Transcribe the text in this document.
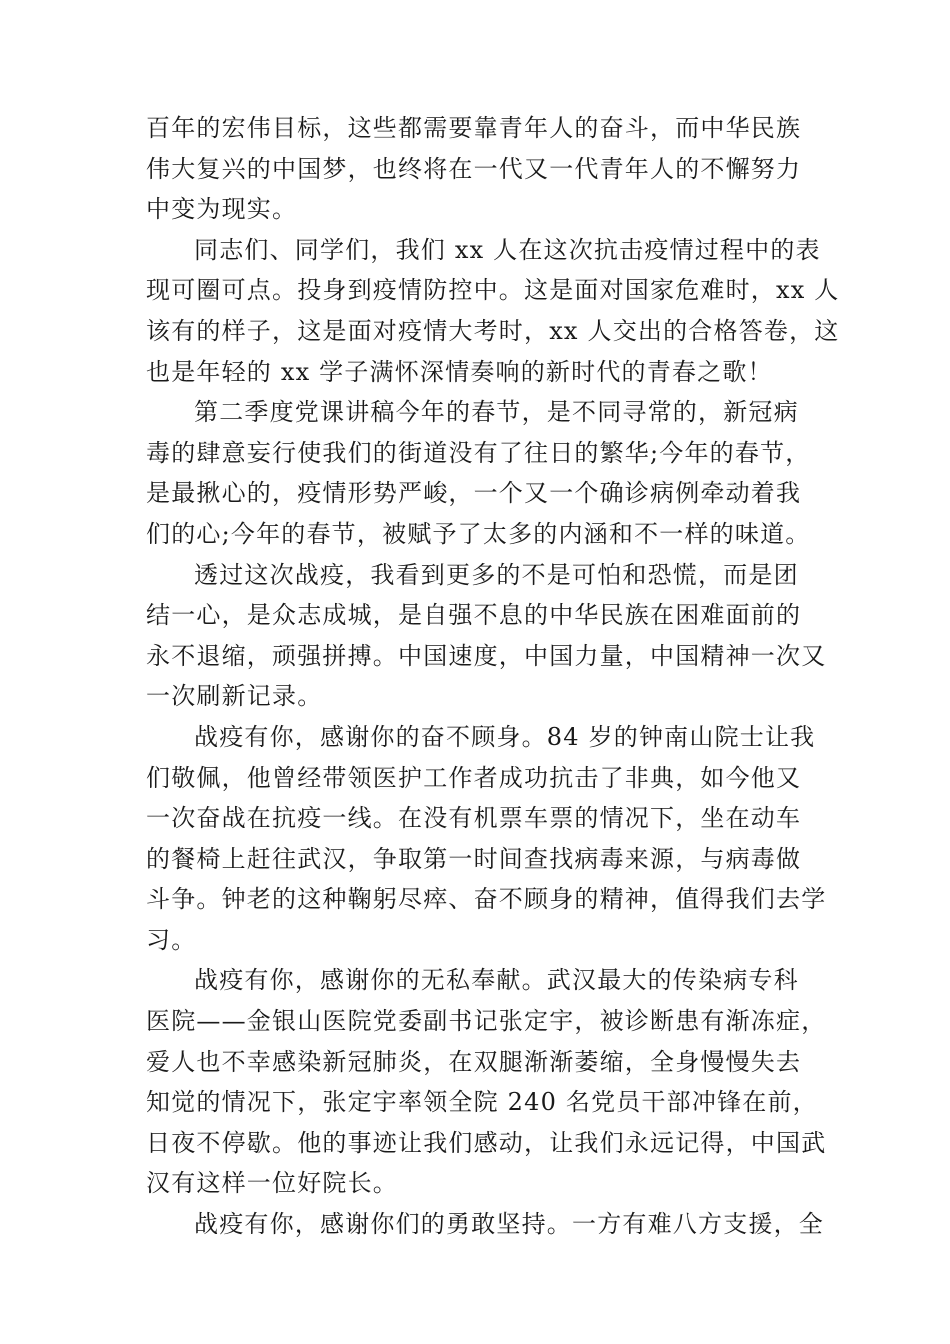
百年的宏伟目标，这些都需要靠青年人的奋斗，而中华民族
伟大复兴的中国梦，也终将在一代又一代青年人的不懈努力
中变为现实。
同志们、同学们，我们 xx 人在这次抗击疫情过程中的表
现可圈可点。投身到疫情防控中。这是面对国家危难时，xx 人
该有的样子，这是面对疫情大考时，xx 人交出的合格答卷，这
也是年轻的 xx 学子满怀深情奏响的新时代的青春之歌！
第二季度党课讲稿今年的春节，是不同寻常的，新冠病
毒的肆意妄行使我们的街道没有了往日的繁华;今年的春节，
是最揪心的，疫情形势严峻，一个又一个确诊病例牵动着我
们的心;今年的春节，被赋予了太多的内涵和不一样的味道。
透过这次战疫，我看到更多的不是可怕和恐慌，而是团
结一心，是众志成城，是自强不息的中华民族在困难面前的
永不退缩，顽强拼搏。中国速度，中国力量，中国精神一次又
一次刷新记录。
战疫有你，感谢你的奋不顾身。84 岁的钟南山院士让我
们敬佩，他曾经带领医护工作者成功抗击了非典，如今他又
一次奋战在抗疫一线。在没有机票车票的情况下，坐在动车
的餐椅上赶往武汉，争取第一时间查找病毒来源，与病毒做
斗争。钟老的这种鞠躬尽瘁、奋不顾身的精神，值得我们去学
习。
战疫有你，感谢你的无私奉献。武汉最大的传染病专科
医院——金银山医院党委副书记张定宇，被诊断患有渐冻症，
爱人也不幸感染新冠肺炎，在双腿渐渐萎缩，全身慢慢失去
知觉的情况下，张定宇率领全院 240 名党员干部冲锋在前，
日夜不停歇。他的事迹让我们感动，让我们永远记得，中国武
汉有这样一位好院长。
战疫有你，感谢你们的勇敢坚持。一方有难八方支援，全
